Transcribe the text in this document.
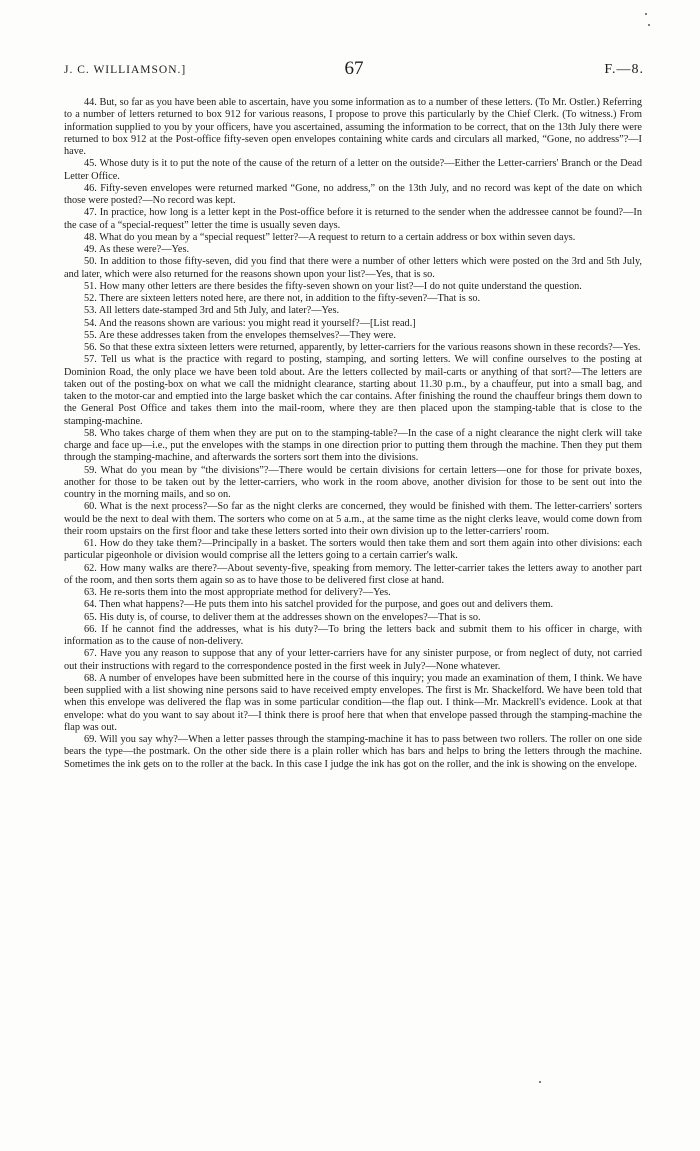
J. C. WILLIAMSON.]	67	F.—8.

44. But, so far as you have been able to ascertain, have you some information as to a number of these letters. (To Mr. Ostler.) Referring to a number of letters returned to box 912 for various reasons, I propose to prove this particularly by the Chief Clerk. (To witness.) From information supplied to you by your officers, have you ascertained, assuming the information to be correct, that on the 13th July there were returned to box 912 at the Post-office fifty-seven open envelopes containing white cards and circulars all marked, “Gone, no address”?—I have.

45. Whose duty is it to put the note of the cause of the return of a letter on the outside?—Either the Letter-carriers' Branch or the Dead Letter Office.

46. Fifty-seven envelopes were returned marked “Gone, no address,” on the 13th July, and no record was kept of the date on which those were posted?—No record was kept.

47. In practice, how long is a letter kept in the Post-office before it is returned to the sender when the addressee cannot be found?—In the case of a “special-request” letter the time is usually seven days.

48. What do you mean by a “special request” letter?—A request to return to a certain address or box within seven days.

49. As these were?—Yes.

50. In addition to those fifty-seven, did you find that there were a number of other letters which were posted on the 3rd and 5th July, and later, which were also returned for the reasons shown upon your list?—Yes, that is so.

51. How many other letters are there besides the fifty-seven shown on your list?—I do not quite understand the question.

52. There are sixteen letters noted here, are there not, in addition to the fifty-seven?—That is so.

53. All letters date-stamped 3rd and 5th July, and later?—Yes.

54. And the reasons shown are various: you might read it yourself?—[List read.]

55. Are these addresses taken from the envelopes themselves?—They were.

56. So that these extra sixteen letters were returned, apparently, by letter-carriers for the various reasons shown in these records?—Yes.

57. Tell us what is the practice with regard to posting, stamping, and sorting letters. We will confine ourselves to the posting at Dominion Road, the only place we have been told about. Are the letters collected by mail-carts or anything of that sort?—The letters are taken out of the posting-box on what we call the midnight clearance, starting about 11.30 p.m., by a chauffeur, put into a small bag, and taken to the motor-car and emptied into the large basket which the car contains. After finishing the round the chauffeur brings them down to the General Post Office and takes them into the mail-room, where they are then placed upon the stamping-table that is close to the stamping-machine.

58. Who takes charge of them when they are put on to the stamping-table?—In the case of a night clearance the night clerk will take charge and face up—i.e., put the envelopes with the stamps in one direction prior to putting them through the machine. Then they put them through the stamping-machine, and afterwards the sorters sort them into the divisions.

59. What do you mean by “the divisions”?—There would be certain divisions for certain letters—one for those for private boxes, another for those to be taken out by the letter-carriers, who work in the room above, another division for those to be sent out into the country in the morning mails, and so on.

60. What is the next process?—So far as the night clerks are concerned, they would be finished with them. The letter-carriers' sorters would be the next to deal with them. The sorters who come on at 5 a.m., at the same time as the night clerks leave, would come down from their room upstairs on the first floor and take these letters sorted into their own division up to the letter-carriers' room.

61. How do they take them?—Principally in a basket. The sorters would then take them and sort them again into other divisions: each particular pigeonhole or division would comprise all the letters going to a certain carrier's walk.

62. How many walks are there?—About seventy-five, speaking from memory. The letter-carrier takes the letters away to another part of the room, and then sorts them again so as to have those to be delivered first close at hand.

63. He re-sorts them into the most appropriate method for delivery?—Yes.

64. Then what happens?—He puts them into his satchel provided for the purpose, and goes out and delivers them.

65. His duty is, of course, to deliver them at the addresses shown on the envelopes?—That is so.

66. If he cannot find the addresses, what is his duty?—To bring the letters back and submit them to his officer in charge, with information as to the cause of non-delivery.

67. Have you any reason to suppose that any of your letter-carriers have for any sinister purpose, or from neglect of duty, not carried out their instructions with regard to the correspondence posted in the first week in July?—None whatever.

68. A number of envelopes have been submitted here in the course of this inquiry; you made an examination of them, I think. We have been supplied with a list showing nine persons said to have received empty envelopes. The first is Mr. Shackelford. We have been told that when this envelope was delivered the flap was in some particular condition—the flap out. I think—Mr. Mackrell's evidence. Look at that envelope: what do you want to say about it?—I think there is proof here that when that envelope passed through the stamping-machine the flap was out.

69. Will you say why?—When a letter passes through the stamping-machine it has to pass between two rollers. The roller on one side bears the type—the postmark. On the other side there is a plain roller which has bars and helps to bring the letters through the machine. Sometimes the ink gets on to the roller at the back. In this case I judge the ink has got on the roller, and the ink is showing on the envelope.
